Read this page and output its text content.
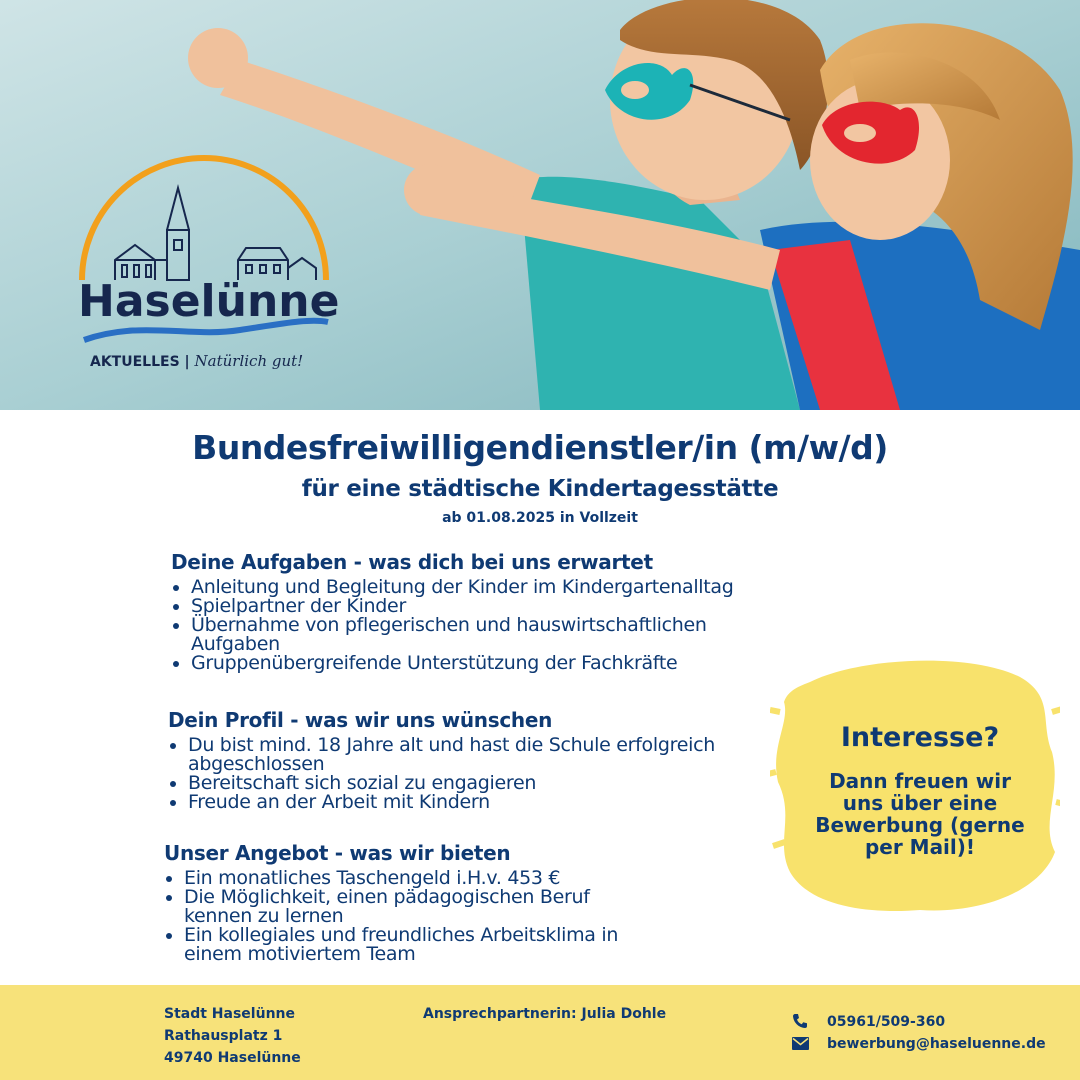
Haselünne
AKTUELLES | Natürlich gut!
Bundesfreiwilligendienstler/in (m/w/d)
für eine städtische Kindertagesstätte
ab 01.08.2025 in Vollzeit
Deine Aufgaben - was dich bei uns erwartet
Anleitung und Begleitung der Kinder im Kindergartenalltag
Spielpartner der Kinder
Übernahme von pflegerischen und hauswirtschaftlichen Aufgaben
Gruppenübergreifende Unterstützung der Fachkräfte
Dein Profil - was wir uns wünschen
Du bist mind. 18 Jahre alt und hast die Schule erfolgreich abgeschlossen
Bereitschaft sich sozial zu engagieren
Freude an der Arbeit mit Kindern
Unser Angebot - was wir bieten
Ein monatliches Taschengeld i.H.v. 453 €
Die Möglichkeit, einen pädagogischen Beruf kennen zu lernen
Ein kollegiales und freundliches Arbeitsklima in einem motiviertem Team
Interesse?
Dann freuen wir uns über eine Bewerbung (gerne per Mail)!
Stadt Haselünne
Rathausplatz 1
49740 Haselünne
Ansprechpartnerin: Julia Dohle	05961/509-360
bewerbung@haseluenne.de
